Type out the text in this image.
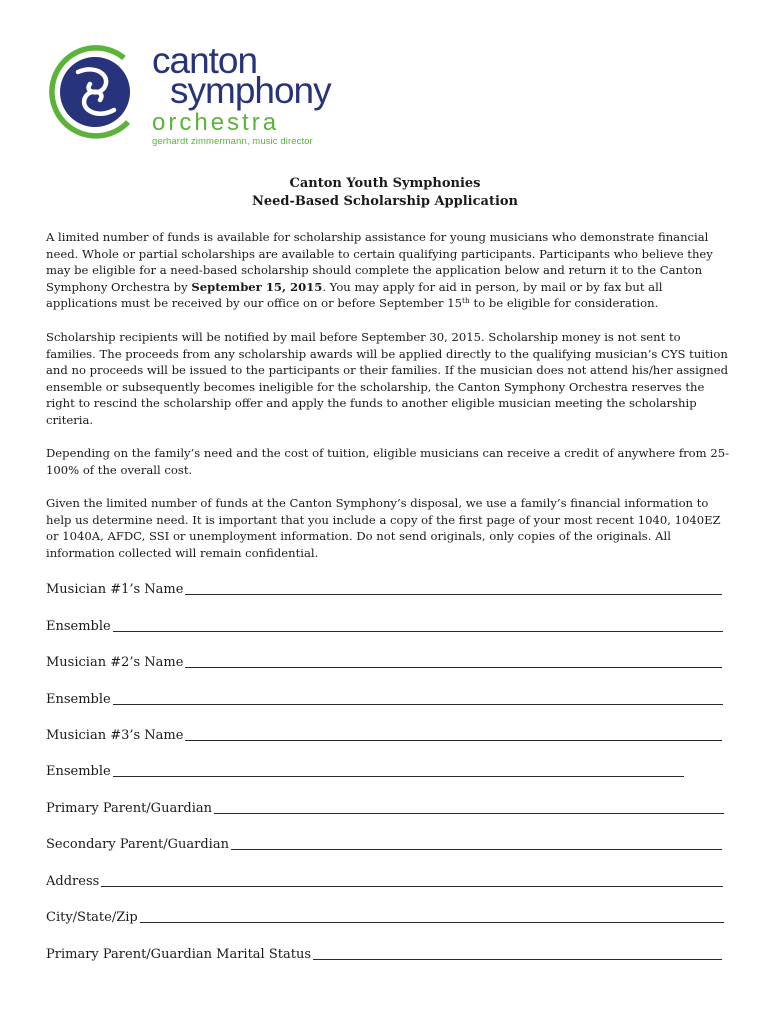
canton
symphony
orchestra
gerhardt zimmermann, music director
Canton Youth Symphonies
Need-Based Scholarship Application

A limited number of funds is available for scholarship assistance for young musicians who demonstrate financial need. Whole or partial scholarships are available to certain qualifying participants. Participants who believe they may be eligible for a need-based scholarship should complete the application below and return it to the Canton Symphony Orchestra by September 15, 2015. You may apply for aid in person, by mail or by fax but all applications must be received by our office on or before September 15th to be eligible for consideration.

Scholarship recipients will be notified by mail before September 30, 2015. Scholarship money is not sent to families. The proceeds from any scholarship awards will be applied directly to the qualifying musician’s CYS tuition and no proceeds will be issued to the participants or their families. If the musician does not attend his/her assigned ensemble or subsequently becomes ineligible for the scholarship, the Canton Symphony Orchestra reserves the right to rescind the scholarship offer and apply the funds to another eligible musician meeting the scholarship criteria.

Depending on the family’s need and the cost of tuition, eligible musicians can receive a credit of anywhere from 25-100% of the overall cost.

Given the limited number of funds at the Canton Symphony’s disposal, we use a family’s financial information to help us determine need. It is important that you include a copy of the first page of your most recent 1040, 1040EZ or 1040A, AFDC, SSI or unemployment information. Do not send originals, only copies of the originals. All information collected will remain confidential.

Musician #1’s Name
Ensemble
Musician #2’s Name
Ensemble
Musician #3’s Name
Ensemble
Primary Parent/Guardian
Secondary Parent/Guardian
Address
City/State/Zip
Primary Parent/Guardian Marital Status
